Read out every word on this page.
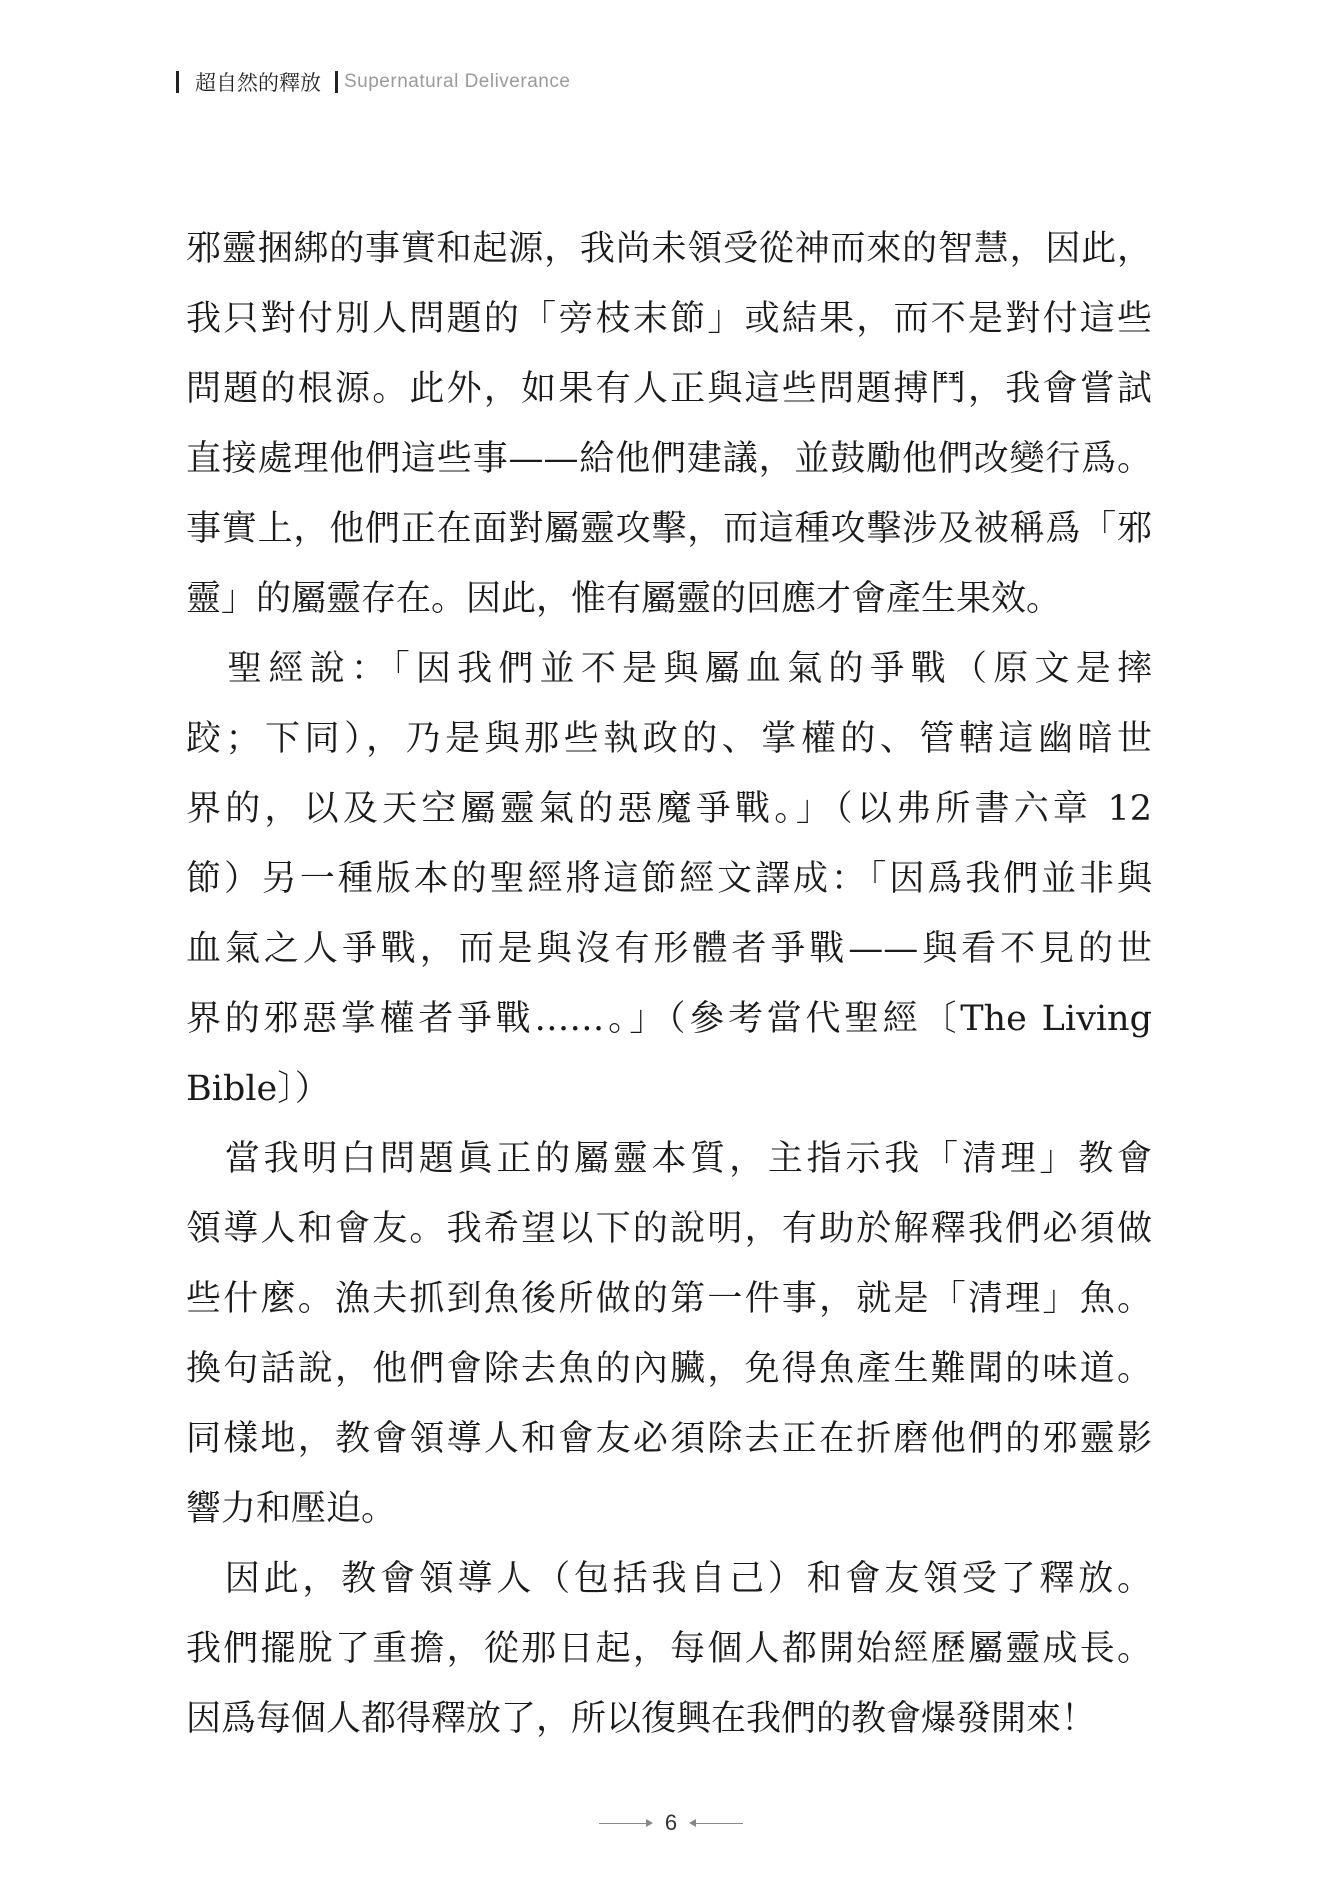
超自然的釋放 Supernatural Deliverance
邪靈捆綁的事實和起源，我尚未領受從神而來的智慧，因此，
我只對付別人問題的「旁枝末節」或結果，而不是對付這些
問題的根源。此外，如果有人正與這些問題搏鬥，我會嘗試
直接處理他們這些事——給他們建議，並鼓勵他們改變行爲。
事實上，他們正在面對屬靈攻擊，而這種攻擊涉及被稱爲「邪
靈」的屬靈存在。因此，惟有屬靈的回應才會產生果效。
　聖經說：「因我們並不是與屬血氣的爭戰（原文是摔
跤；下同），乃是與那些執政的、掌權的、管轄這幽暗世
界的，以及天空屬靈氣的惡魔爭戰。」（以弗所書六章 12
節）另一種版本的聖經將這節經文譯成：「因爲我們並非與
血氣之人爭戰，而是與沒有形體者爭戰——與看不見的世
界的邪惡掌權者爭戰……。」（參考當代聖經〔The Living
Bible〕）
　當我明白問題眞正的屬靈本質，主指示我「清理」教會
領導人和會友。我希望以下的說明，有助於解釋我們必須做
些什麼。漁夫抓到魚後所做的第一件事，就是「清理」魚。
換句話說，他們會除去魚的內臟，免得魚產生難聞的味道。
同樣地，教會領導人和會友必須除去正在折磨他們的邪靈影
響力和壓迫。
　因此，教會領導人（包括我自己）和會友領受了釋放。
我們擺脫了重擔，從那日起，每個人都開始經歷屬靈成長。
因爲每個人都得釋放了，所以復興在我們的教會爆發開來！
6
